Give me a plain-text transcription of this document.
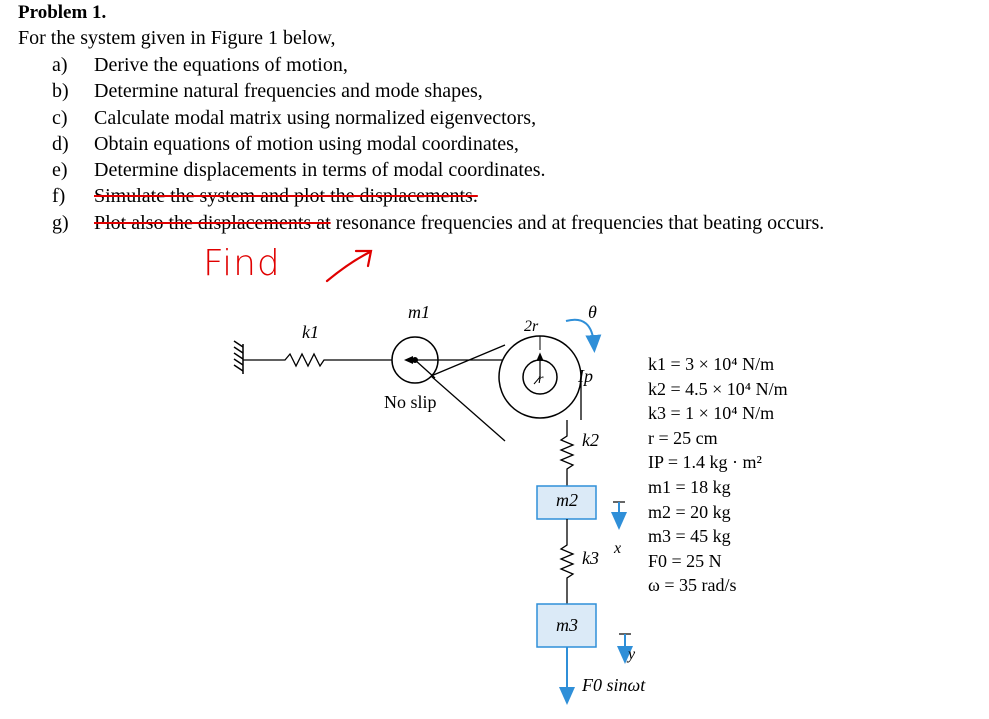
Problem 1.
For the system given in Figure 1 below,
a) Derive the equations of motion,
b) Determine natural frequencies and mode shapes,
c) Calculate modal matrix using normalized eigenvectors,
d) Obtain equations of motion using modal coordinates,
e) Determine displacements in terms of modal coordinates.
f) Simulate the system and plot the displacements.
g) Plot also the displacements at resonance frequencies and at frequencies that beating occurs.
Find
k1
m1
2r
r
θ
Ip
No slip
k2
m2
k3
m3
x
y
F0 sinωt
k1 = 3 × 10⁴ N/m
k2 = 4.5 × 10⁴ N/m
k3 = 1 × 10⁴ N/m
r = 25 cm
IP = 1.4 kg · m²
m1 = 18 kg
m2 = 20 kg
m3 = 45 kg
F0 = 25 N
ω = 35 rad/s
